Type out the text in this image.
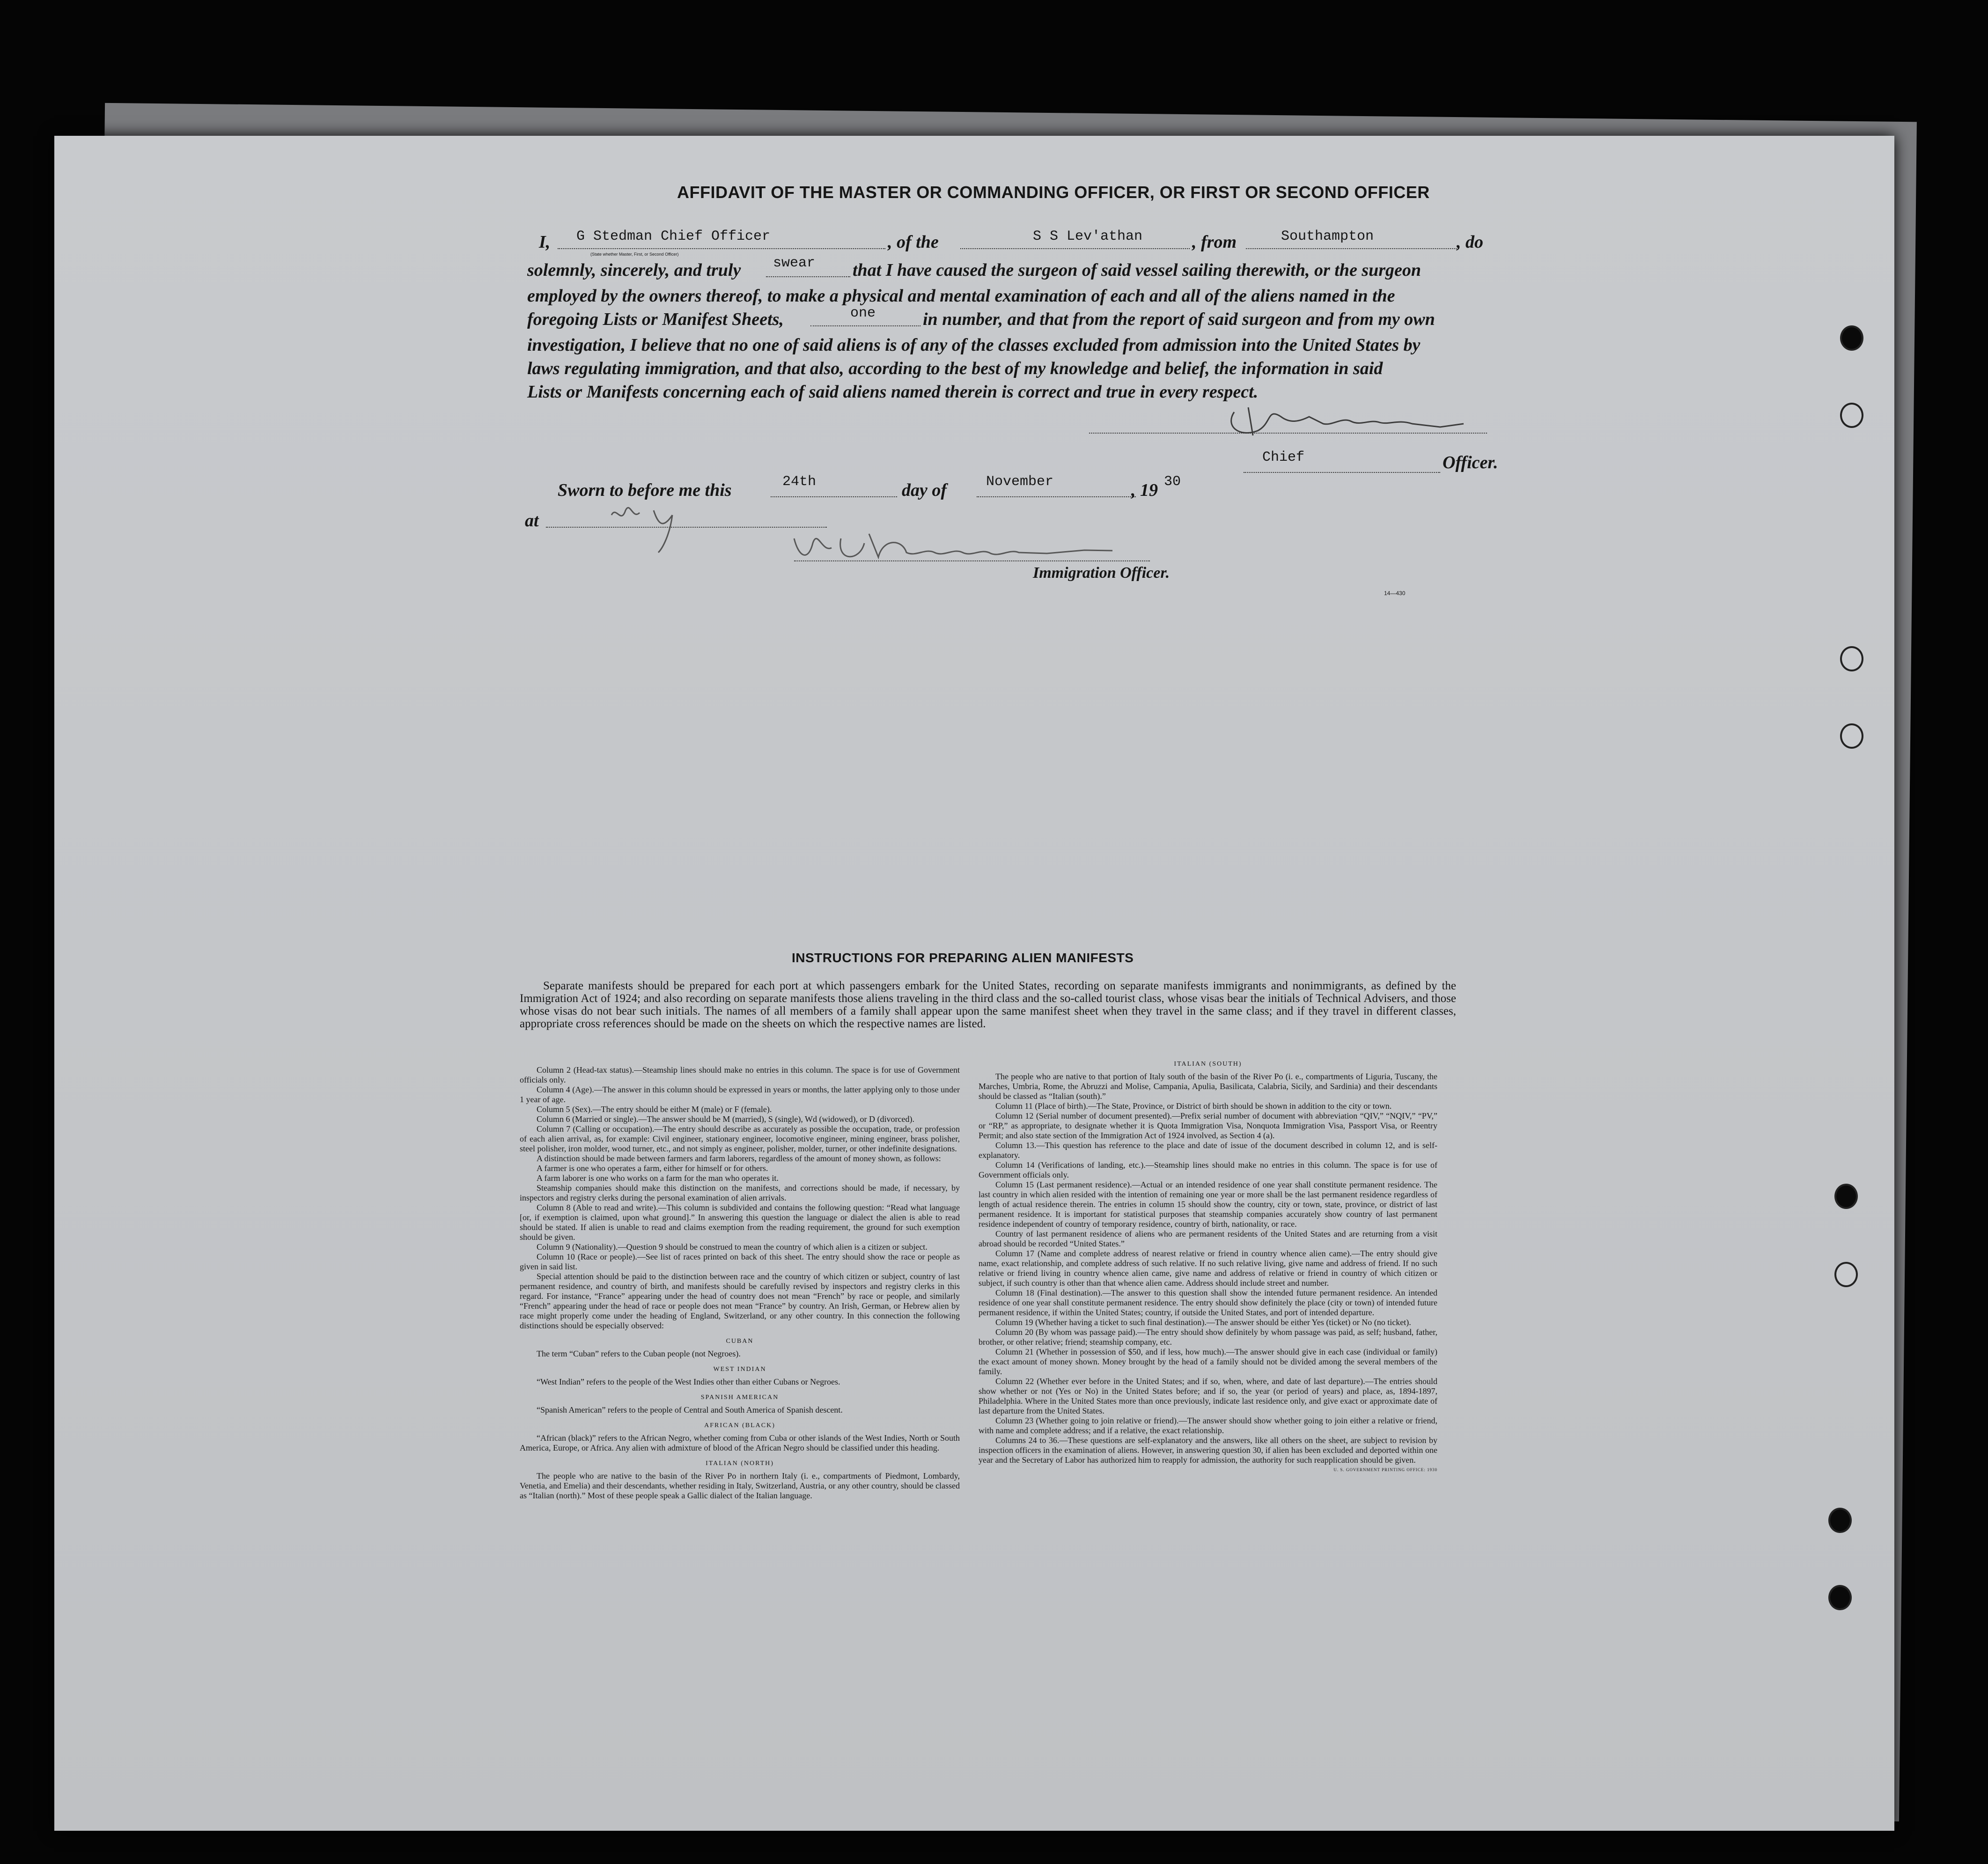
AFFIDAVIT OF THE MASTER OR COMMANDING OFFICER, OR FIRST OR SECOND OFFICER
I, G Stedman Chief Officer
(State whether Master, First, or Second Officer)
, of the	S S Lev'athan	, from	Southampton	, do
solemnly, sincerely, and truly swear that I have caused the surgeon of said vessel sailing therewith, or the surgeon
employed by the owners thereof, to make a physical and mental examination of each and all of the aliens named in the
foregoing Lists or Manifest Sheets,	one	in number, and that from the report of said surgeon and from my own
investigation, I believe that no one of said aliens is of any of the classes excluded from admission into the United States by
laws regulating immigration, and that also, according to the best of my knowledge and belief, the information in said
Lists or Manifests concerning each of said aliens named therein is correct and true in every respect.
Chief	Officer.
Sworn to before me this	24th	day of	November	, 19 30
at
Immigration Officer.
14—430
INSTRUCTIONS FOR PREPARING ALIEN MANIFESTS

Separate manifests should be prepared for each port at which passengers embark for the United States, recording on separate manifests immigrants and nonimmigrants, as defined by the Immigration Act of 1924; and also recording on separate manifests those aliens traveling in the third class and the so-called tourist class, whose visas bear the initials of Technical Advisers, and those whose visas do not bear such initials. The names of all members of a family shall appear upon the same manifest sheet when they travel in the same class; and if they travel in different classes, appropriate cross references should be made on the sheets on which the respective names are listed.

Column 2 (Head-tax status).—Steamship lines should make no entries in this column. The space is for use of Government officials only.

Column 4 (Age).—The answer in this column should be expressed in years or months, the latter applying only to those under 1 year of age.

Column 5 (Sex).—The entry should be either M (male) or F (female).

Column 6 (Married or single).—The answer should be M (married), S (single), Wd (widowed), or D (divorced).

Column 7 (Calling or occupation).—The entry should describe as accurately as possible the occupation, trade, or profession of each alien arrival, as, for example: Civil engineer, stationary engineer, locomotive engineer, mining engineer, brass polisher, steel polisher, iron molder, wood turner, etc., and not simply as engineer, polisher, molder, turner, or other indefinite designations.

A distinction should be made between farmers and farm laborers, regardless of the amount of money shown, as follows:

A farmer is one who operates a farm, either for himself or for others.

A farm laborer is one who works on a farm for the man who operates it.

Steamship companies should make this distinction on the manifests, and corrections should be made, if necessary, by inspectors and registry clerks during the personal examination of alien arrivals.

Column 8 (Able to read and write).—This column is subdivided and contains the following question: “Read what language [or, if exemption is claimed, upon what ground].” In answering this question the language or dialect the alien is able to read should be stated. If alien is unable to read and claims exemption from the reading requirement, the ground for such exemption should be given.

Column 9 (Nationality).—Question 9 should be construed to mean the country of which alien is a citizen or subject.

Column 10 (Race or people).—See list of races printed on back of this sheet. The entry should show the race or people as given in said list.

Special attention should be paid to the distinction between race and the country of which citizen or subject, country of last permanent residence, and country of birth, and manifests should be carefully revised by inspectors and registry clerks in this regard. For instance, “France” appearing under the head of country does not mean “French” by race or people, and similarly “French” appearing under the head of race or people does not mean “France” by country. An Irish, German, or Hebrew alien by race might properly come under the heading of England, Switzerland, or any other country. In this connection the following distinctions should be especially observed:

CUBAN

The term “Cuban” refers to the Cuban people (not Negroes).

WEST INDIAN

“West Indian” refers to the people of the West Indies other than either Cubans or Negroes.

SPANISH AMERICAN

“Spanish American” refers to the people of Central and South America of Spanish descent.

AFRICAN (BLACK)

“African (black)” refers to the African Negro, whether coming from Cuba or other islands of the West Indies, North or South America, Europe, or Africa. Any alien with admixture of blood of the African Negro should be classified under this heading.

ITALIAN (NORTH)

The people who are native to the basin of the River Po in northern Italy (i. e., compartments of Piedmont, Lombardy, Venetia, and Emelia) and their descendants, whether residing in Italy, Switzerland, Austria, or any other country, should be classed as “Italian (north).” Most of these people speak a Gallic dialect of the Italian language.

ITALIAN (SOUTH)

The people who are native to that portion of Italy south of the basin of the River Po (i. e., compartments of Liguria, Tuscany, the Marches, Umbria, Rome, the Abruzzi and Molise, Campania, Apulia, Basilicata, Calabria, Sicily, and Sardinia) and their descendants should be classed as “Italian (south).”

Column 11 (Place of birth).—The State, Province, or District of birth should be shown in addition to the city or town.

Column 12 (Serial number of document presented).—Prefix serial number of document with abbreviation “QIV,” “NQIV,” “PV,” or “RP,” as appropriate, to designate whether it is Quota Immigration Visa, Nonquota Immigration Visa, Passport Visa, or Reentry Permit; and also state section of the Immigration Act of 1924 involved, as Section 4 (a).

Column 13.—This question has reference to the place and date of issue of the document described in column 12, and is self-explanatory.

Column 14 (Verifications of landing, etc.).—Steamship lines should make no entries in this column. The space is for use of Government officials only.

Column 15 (Last permanent residence).—Actual or an intended residence of one year shall constitute permanent residence. The last country in which alien resided with the intention of remaining one year or more shall be the last permanent residence regardless of length of actual residence therein. The entries in column 15 should show the country, city or town, state, province, or district of last permanent residence. It is important for statistical purposes that steamship companies accurately show country of last permanent residence independent of country of temporary residence, country of birth, nationality, or race.

Country of last permanent residence of aliens who are permanent residents of the United States and are returning from a visit abroad should be recorded “United States.”

Column 17 (Name and complete address of nearest relative or friend in country whence alien came).—The entry should give name, exact relationship, and complete address of such relative. If no such relative living, give name and address of friend. If no such relative or friend living in country whence alien came, give name and address of relative or friend in country of which citizen or subject, if such country is other than that whence alien came. Address should include street and number.

Column 18 (Final destination).—The answer to this question shall show the intended future permanent residence. An intended residence of one year shall constitute permanent residence. The entry should show definitely the place (city or town) of intended future permanent residence, if within the United States; country, if outside the United States, and port of intended departure.

Column 19 (Whether having a ticket to such final destination).—The answer should be either Yes (ticket) or No (no ticket).

Column 20 (By whom was passage paid).—The entry should show definitely by whom passage was paid, as self; husband, father, brother, or other relative; friend; steamship company, etc.

Column 21 (Whether in possession of $50, and if less, how much).—The answer should give in each case (individual or family) the exact amount of money shown. Money brought by the head of a family should not be divided among the several members of the family.

Column 22 (Whether ever before in the United States; and if so, when, where, and date of last departure).—The entries should show whether or not (Yes or No) in the United States before; and if so, the year (or period of years) and place, as, 1894-1897, Philadelphia. Where in the United States more than once previously, indicate last residence only, and give exact or approximate date of last departure from the United States.

Column 23 (Whether going to join relative or friend).—The answer should show whether going to join either a relative or friend, with name and complete address; and if a relative, the exact relationship.

Columns 24 to 36.—These questions are self-explanatory and the answers, like all others on the sheet, are subject to revision by inspection officers in the examination of aliens. However, in answering question 30, if alien has been excluded and deported within one year and the Secretary of Labor has authorized him to reapply for admission, the authority for such reapplication should be given.

U. S. GOVERNMENT PRINTING OFFICE: 1930
